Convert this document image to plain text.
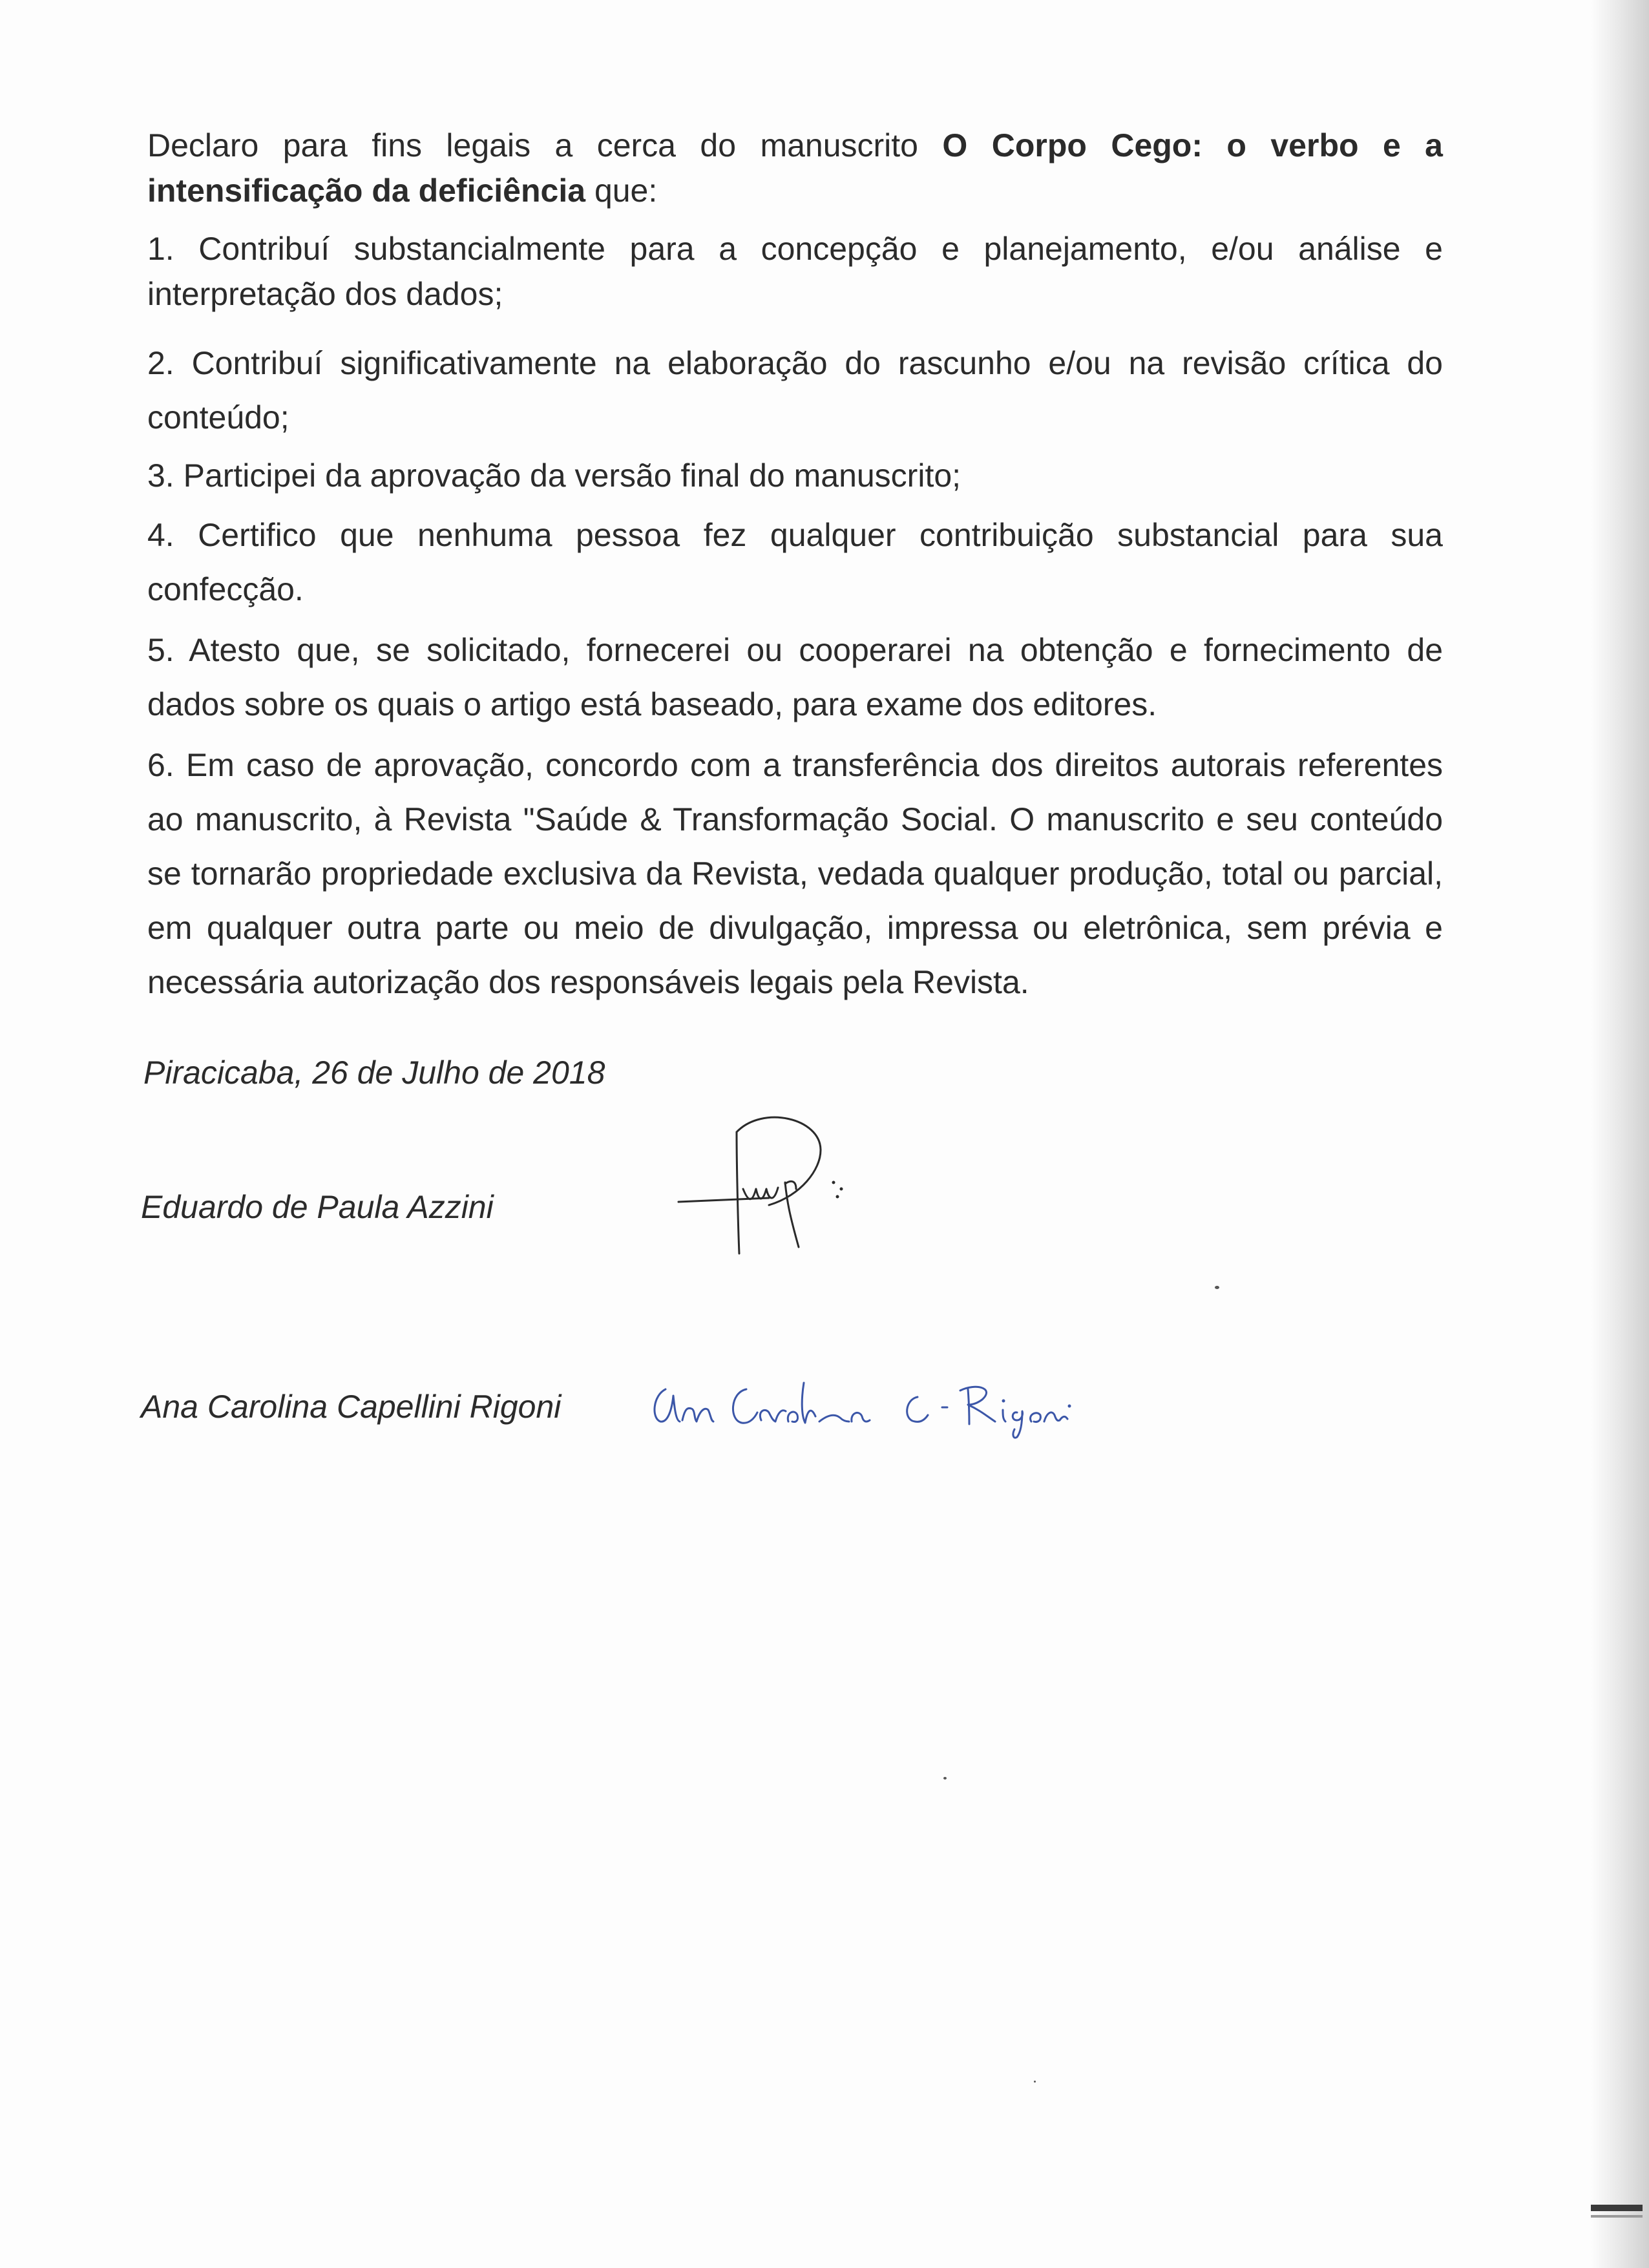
Declaro para fins legais a cerca do manuscrito O Corpo Cego: o verbo e a intensificação da deficiência que:

1. Contribuí substancialmente para a concepção e planejamento, e/ou análise e interpretação dos dados;

2. Contribuí significativamente na elaboração do rascunho e/ou na revisão crítica do conteúdo;

3. Participei da aprovação da versão final do manuscrito;

4. Certifico que nenhuma pessoa fez qualquer contribuição substancial para sua confecção.

5. Atesto que, se solicitado, fornecerei ou cooperarei na obtenção e fornecimento de dados sobre os quais o artigo está baseado, para exame dos editores.

6. Em caso de aprovação, concordo com a transferência dos direitos autorais referentes ao manuscrito, à Revista "Saúde & Transformação Social. O manuscrito e seu conteúdo se tornarão propriedade exclusiva da Revista, vedada qualquer produção, total ou parcial, em qualquer outra parte ou meio de divulgação, impressa ou eletrônica, sem prévia e necessária autorização dos responsáveis legais pela Revista.

Piracicaba, 26 de Julho de 2018
Eduardo de Paula Azzini
Ana Carolina Capellini Rigoni
